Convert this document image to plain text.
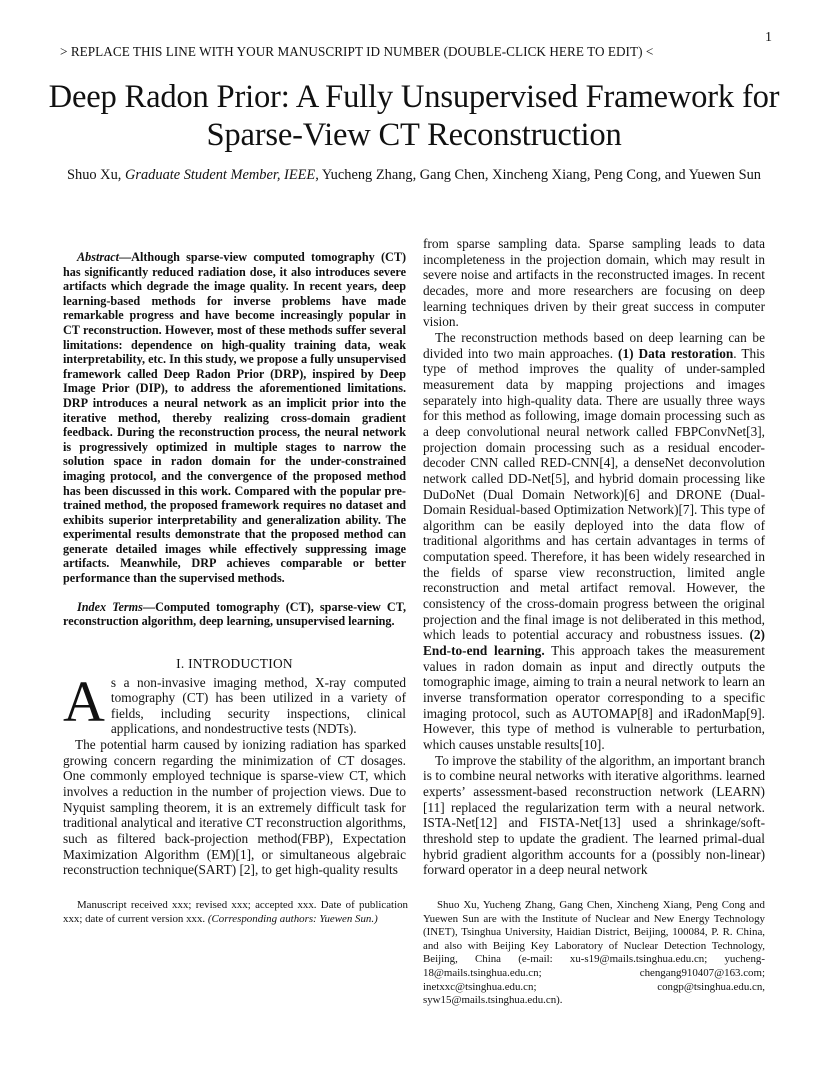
1
> REPLACE THIS LINE WITH YOUR MANUSCRIPT ID NUMBER (DOUBLE-CLICK HERE TO EDIT) <
Deep Radon Prior: A Fully Unsupervised Framework for Sparse-View CT Reconstruction
Shuo Xu, Graduate Student Member, IEEE, Yucheng Zhang, Gang Chen, Xincheng Xiang, Peng Cong, and Yuewen Sun

Abstract—Although sparse-view computed tomography (CT) has significantly reduced radiation dose, it also introduces severe artifacts which degrade the image quality. In recent years, deep learning-based methods for inverse problems have made remarkable progress and have become increasingly popular in CT reconstruction. However, most of these methods suffer several limitations: dependence on high-quality training data, weak interpretability, etc. In this study, we propose a fully unsupervised framework called Deep Radon Prior (DRP), inspired by Deep Image Prior (DIP), to address the aforementioned limitations. DRP introduces a neural network as an implicit prior into the iterative method, thereby realizing cross-domain gradient feedback. During the reconstruction process, the neural network is progressively optimized in multiple stages to narrow the solution space in radon domain for the under-constrained imaging protocol, and the convergence of the proposed method has been discussed in this work. Compared with the popular pre-trained method, the proposed framework requires no dataset and exhibits superior interpretability and generalization ability. The experimental results demonstrate that the proposed method can generate detailed images while effectively suppressing image artifacts. Meanwhile, DRP achieves comparable or better performance than the supervised methods.

Index Terms—Computed tomography (CT), sparse-view CT, reconstruction algorithm, deep learning, unsupervised learning.

I. INTRODUCTION

As a non-invasive imaging method, X-ray computed tomography (CT) has been utilized in a variety of fields, including security inspections, clinical applications, and nondestructive tests (NDTs).

The potential harm caused by ionizing radiation has sparked growing concern regarding the minimization of CT dosages. One commonly employed technique is sparse-view CT, which involves a reduction in the number of projection views. Due to Nyquist sampling theorem, it is an extremely difficult task for traditional analytical and iterative CT reconstruction algorithms, such as filtered back-projection method(FBP), Expectation Maximization Algorithm (EM)[1], or simultaneous algebraic reconstruction technique(SART) [2], to get high-quality results

from sparse sampling data. Sparse sampling leads to data incompleteness in the projection domain, which may result in severe noise and artifacts in the reconstructed images. In recent decades, more and more researchers are focusing on deep learning techniques driven by their great success in computer vision.

The reconstruction methods based on deep learning can be divided into two main approaches. (1) Data restoration. This type of method improves the quality of under-sampled measurement data by mapping projections and images separately into high-quality data. There are usually three ways for this method as following, image domain processing such as a deep convolutional neural network called FBPConvNet[3], projection domain processing such as a residual encoder-decoder CNN called RED-CNN[4], a denseNet deconvolution network called DD-Net[5], and hybrid domain processing like DuDoNet (Dual Domain Network)[6] and DRONE (Dual-Domain Residual-based Optimization Network)[7]. This type of algorithm can be easily deployed into the data flow of traditional algorithms and has certain advantages in terms of computation speed. Therefore, it has been widely researched in the fields of sparse view reconstruction, limited angle reconstruction and metal artifact removal. However, the consistency of the cross-domain progress between the original projection and the final image is not deliberated in this method, which leads to potential accuracy and robustness issues. (2) End-to-end learning. This approach takes the measurement values in radon domain as input and directly outputs the tomographic image, aiming to train a neural network to learn an inverse transformation operator corresponding to a specific imaging protocol, such as AUTOMAP[8] and iRadonMap[9]. However, this type of method is vulnerable to perturbation, which causes unstable results[10].

To improve the stability of the algorithm, an important branch is to combine neural networks with iterative algorithms. learned experts’ assessment-based reconstruction network (LEARN)[11] replaced the regularization term with a neural network. ISTA-Net[12] and FISTA-Net[13] used a shrinkage/soft-threshold step to update the gradient. The learned primal-dual hybrid gradient algorithm accounts for a (possibly non-linear) forward operator in a deep neural network

Manuscript received xxx; revised xxx; accepted xxx. Date of publication xxx; date of current version xxx. (Corresponding authors: Yuewen Sun.)
Shuo Xu, Yucheng Zhang, Gang Chen, Xincheng Xiang, Peng Cong and Yuewen Sun are with the Institute of Nuclear and New Energy Technology (INET), Tsinghua University, Haidian District, Beijing, 100084, P. R. China, and also with Beijing Key Laboratory of Nuclear Detection Technology, Beijing, China (e-mail: xu-s19@mails.tsinghua.edu.cn; yucheng-18@mails.tsinghua.edu.cn; chengang910407@163.com; inetxxc@tsinghua.edu.cn; congp@tsinghua.edu.cn, syw15@mails.tsinghua.edu.cn).
